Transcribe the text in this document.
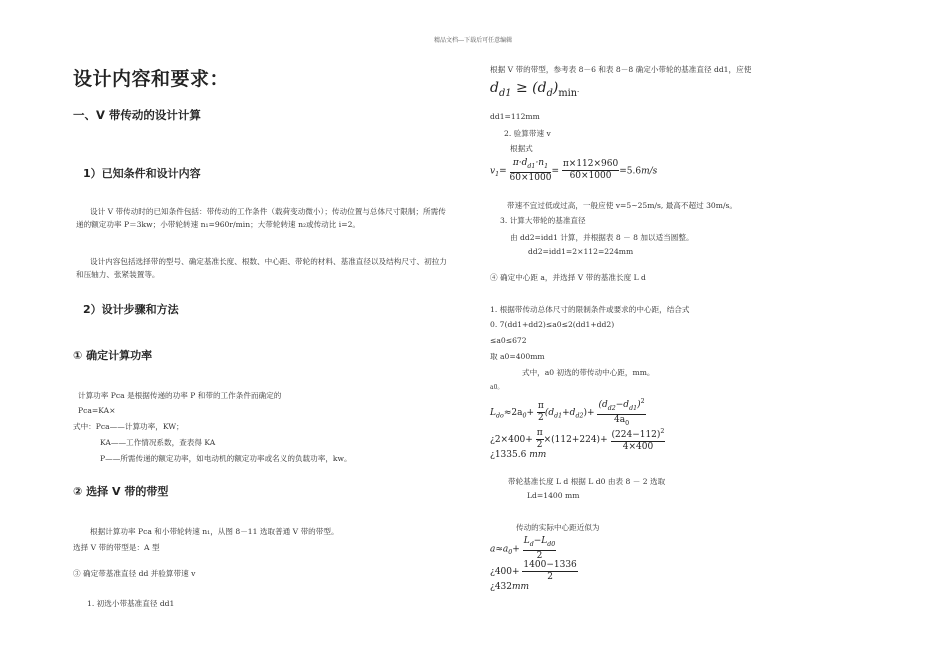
精品文档---下载后可任意编辑
设计内容和要求：
一、V 带传动的设计计算
1）已知条件和设计内容
设计 V 带传动时的已知条件包括：带传动的工作条件（载荷变动微小）；传动位置与总体尺寸限制；所需传递的额定功率 P＝3kw；小带轮转速 n₁=960r/min；大带轮转速 n₂或传动比 i=2。
设计内容包括选择带的型号、确定基准长度、根数、中心距、带轮的材料、基准直径以及结构尺寸、初拉力和压轴力、张紧装置等。
2）设计步骤和方法
① 确定计算功率
计算功率 Pca 是根据传递的功率 P 和带的工作条件而确定的
Pca=KA×
式中：Pca——计算功率，KW；
KA——工作情况系数，查表得 KA
P——所需传递的额定功率，如电动机的额定功率或名义的负载功率，kw。
② 选择 V 带的带型
根据计算功率 Pca 和小带轮转速 n₁，从图 8－11 选取普通 V 带的带型。
选择 V 带的带型是：A 型
③ 确定带基准直径 dd 并验算带速 v
1. 初选小带基准直径 dd1
根据 V 带的带型，参考表 8－6 和表 8－8 确定小带轮的基准直径 dd1，应使
$d_{d1} \ge (d_d)_{min}$.
dd1=112mm
2. 验算带速 v
根据式
$v_1= \frac{\pi\cdot d_{d1}\cdot n_1}{60\times 1000} = \frac{\pi\times 112\times 960}{60\times 1000} =5.6m/s$
带速不宜过低或过高，一般应使 v=5~25m/s, 最高不超过 30m/s。
3. 计算大带轮的基准直径
由 dd2=idd1 计算，并根据表 8 － 8 加以适当圆整。
dd2=idd1=2×112=224mm
④ 确定中心距 a，并选择 V 带的基准长度 L d
1. 根据带传动总体尺寸的限制条件或要求的中心距，结合式
0. 7(dd1+dd2)≤a0≤2(dd1+dd2)
≤a0≤672
取 a0=400mm
式中，a0 初选的带传动中心距，mm。
a0。
$L_{do}\approx 2a_0+ \frac{\pi}{2} (d_{d1}+d_{d2})+ \frac{(d_{d2}-d_{d1})^2}{4a_0}$
¿$2\times 400+ \frac{\pi}{2} \times(112+224)+ \frac{(224-112)^2}{4\times 400}$
¿1335.6 mm
带轮基准长度 L d 根据 L d0 由表 8 － 2 选取
Ld=1400 mm
传动的实际中心距近似为
$a\approx a_0+ \frac{L_d-L_{d0}}{2}$
¿$400+ \frac{1400-1336}{2}$
¿432mm
